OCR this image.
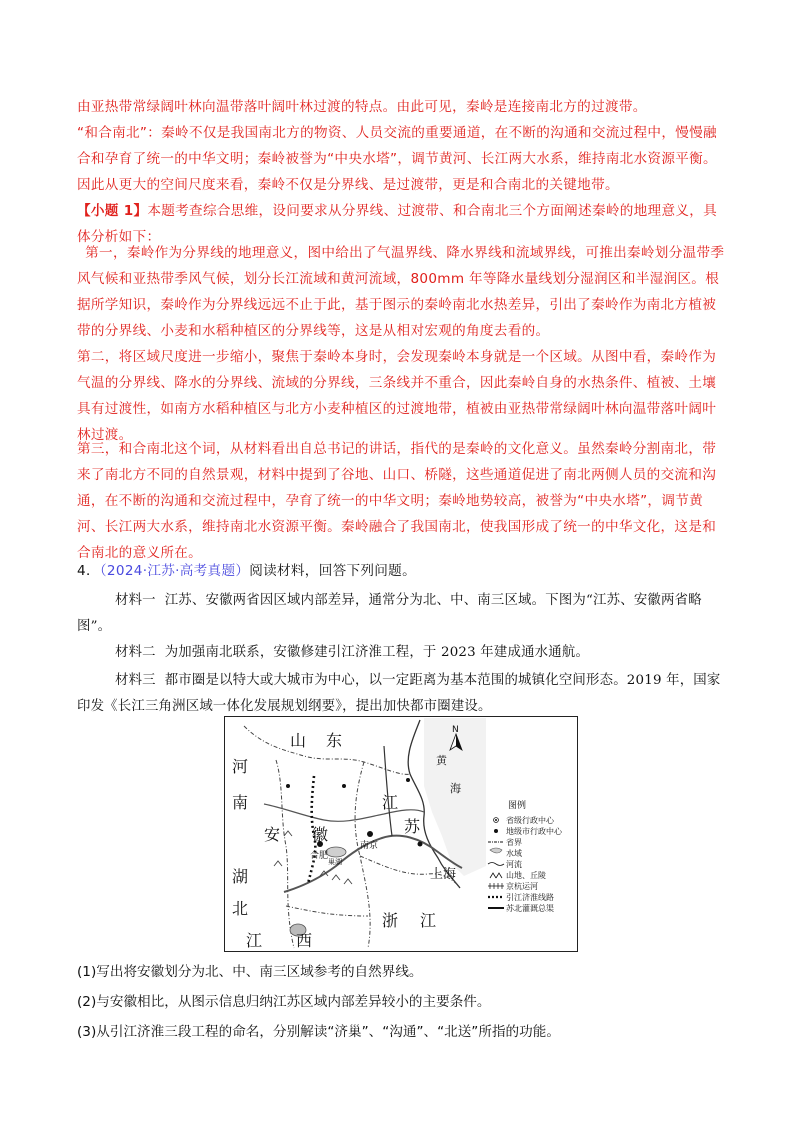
由亚热带常绿阔叶林向温带落叶阔叶林过渡的特点。由此可见，秦岭是连接南北方的过渡带。

“和合南北”：秦岭不仅是我国南北方的物资、人员交流的重要通道，在不断的沟通和交流过程中，慢慢融合和孕育了统一的中华文明；秦岭被誉为“中央水塔”，调节黄河、长江两大水系，维持南北水资源平衡。因此从更大的空间尺度来看，秦岭不仅是分界线、是过渡带，更是和合南北的关键地带。

【小题 1】本题考查综合思维，设问要求从分界线、过渡带、和合南北三个方面阐述秦岭的地理意义，具体分析如下：

第一，秦岭作为分界线的地理意义，图中给出了气温界线、降水界线和流域界线，可推出秦岭划分温带季风气候和亚热带季风气候，划分长江流域和黄河流域，800mm 年等降水量线划分湿润区和半湿润区。根据所学知识，秦岭作为分界线远远不止于此，基于图示的秦岭南北水热差异，引出了秦岭作为南北方植被带的分界线、小麦和水稻种植区的分界线等，这是从相对宏观的角度去看的。

第二，将区域尺度进一步缩小，聚焦于秦岭本身时，会发现秦岭本身就是一个区域。从图中看，秦岭作为气温的分界线、降水的分界线、流域的分界线，三条线并不重合，因此秦岭自身的水热条件、植被、土壤具有过渡性，如南方水稻种植区与北方小麦种植区的过渡地带，植被由亚热带常绿阔叶林向温带落叶阔叶林过渡。

第三，和合南北这个词，从材料看出自总书记的讲话，指代的是秦岭的文化意义。虽然秦岭分割南北，带来了南北方不同的自然景观，材料中提到了谷地、山口、桥隧，这些通道促进了南北两侧人员的交流和沟通，在不断的沟通和交流过程中，孕育了统一的中华文明；秦岭地势较高，被誉为“中央水塔”，调节黄河、长江两大水系，维持南北水资源平衡。秦岭融合了我国南北，使我国形成了统一的中华文化，这是和合南北的意义所在。

4．（2024·江苏·高考真题）阅读材料，回答下列问题。

材料一 江苏、安徽两省因区域内部差异，通常分为北、中、南三区域。下图为“江苏、安徽两省略图”。

材料二 为加强南北联系，安徽修建引江济淮工程，于 2023 年建成通水通航。

材料三 都市圈是以特大或大城市为中心，以一定距离为基本范围的城镇化空间形态。2019 年，国家印发《长江三角洲区域一体化发展规划纲要》，提出加快都市圈建设。

山 东
河
南	江
苏
安 徽
湖
北
江 西
浙 江
上海
合肥
南京
巢湖
黄
海
N
图例
省级行政中心
地级市行政中心
省界
水域
河流
山地、丘陵
京杭运河
引江济淮线路
苏北灌溉总渠

(1)写出将安徽划分为北、中、南三区域参考的自然界线。

(2)与安徽相比，从图示信息归纳江苏区域内部差异较小的主要条件。

(3)从引江济淮三段工程的命名，分别解读“济巢”、“沟通”、“北送”所指的功能。
